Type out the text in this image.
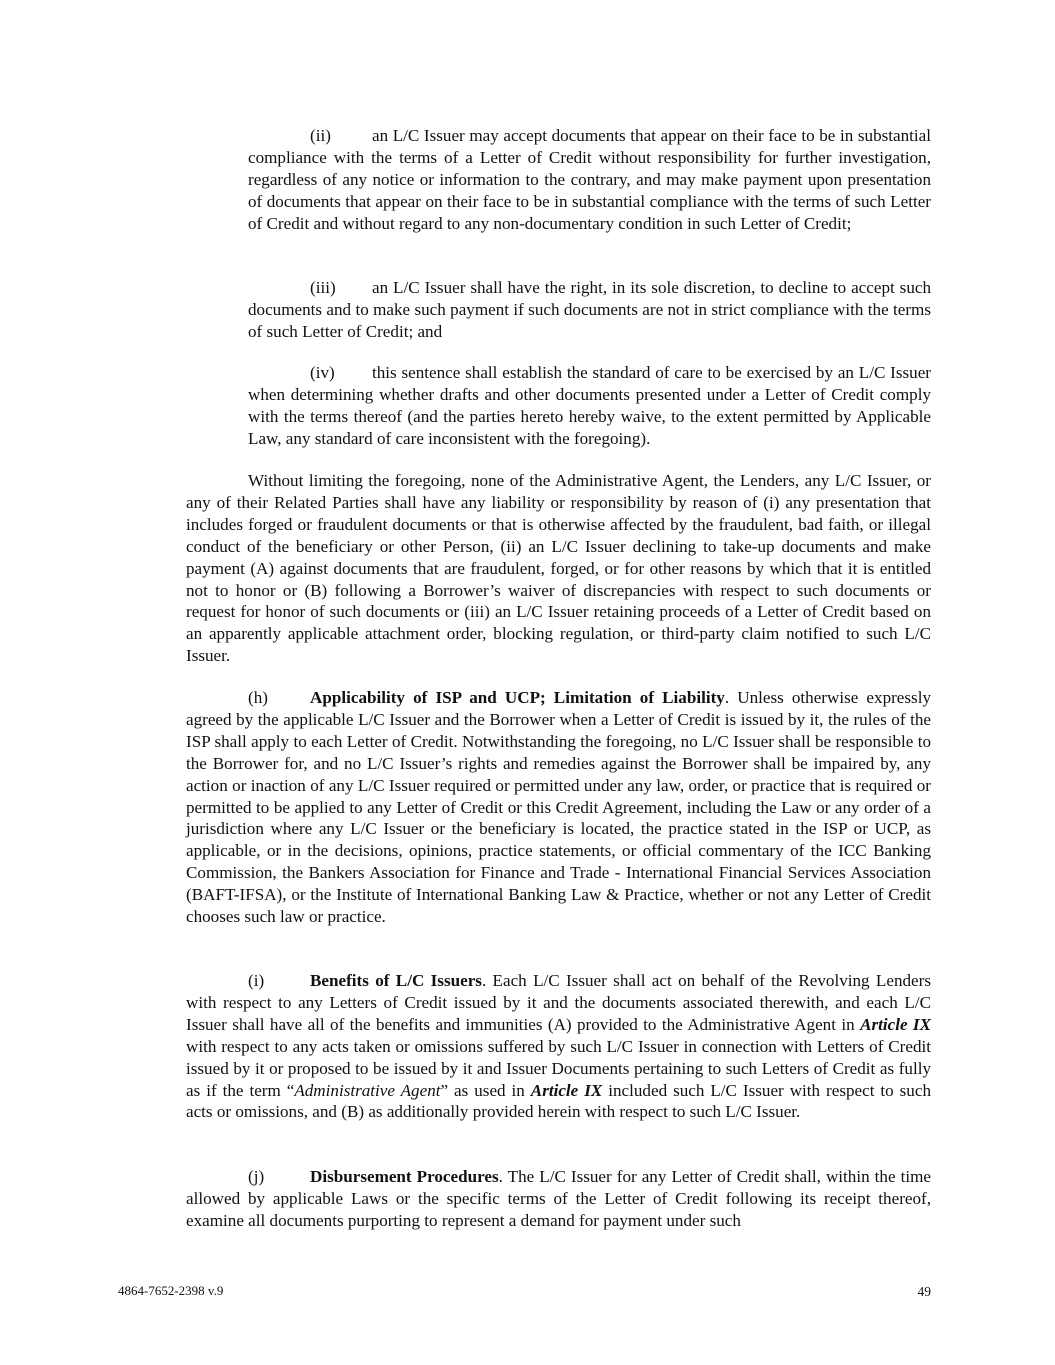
(ii) an L/C Issuer may accept documents that appear on their face to be in substantial compliance with the terms of a Letter of Credit without responsibility for further investigation, regardless of any notice or information to the contrary, and may make payment upon presentation of documents that appear on their face to be in substantial compliance with the terms of such Letter of Credit and without regard to any non-documentary condition in such Letter of Credit;

(iii) an L/C Issuer shall have the right, in its sole discretion, to decline to accept such documents and to make such payment if such documents are not in strict compliance with the terms of such Letter of Credit; and

(iv) this sentence shall establish the standard of care to be exercised by an L/C Issuer when determining whether drafts and other documents presented under a Letter of Credit comply with the terms thereof (and the parties hereto hereby waive, to the extent permitted by Applicable Law, any standard of care inconsistent with the foregoing).

Without limiting the foregoing, none of the Administrative Agent, the Lenders, any L/C Issuer, or any of their Related Parties shall have any liability or responsibility by reason of (i) any presentation that includes forged or fraudulent documents or that is otherwise affected by the fraudulent, bad faith, or illegal conduct of the beneficiary or other Person, (ii) an L/C Issuer declining to take-up documents and make payment (A) against documents that are fraudulent, forged, or for other reasons by which that it is entitled not to honor or (B) following a Borrower’s waiver of discrepancies with respect to such documents or request for honor of such documents or (iii) an L/C Issuer retaining proceeds of a Letter of Credit based on an apparently applicable attachment order, blocking regulation, or third-party claim notified to such L/C Issuer.

(h) Applicability of ISP and UCP; Limitation of Liability. Unless otherwise expressly agreed by the applicable L/C Issuer and the Borrower when a Letter of Credit is issued by it, the rules of the ISP shall apply to each Letter of Credit. Notwithstanding the foregoing, no L/C Issuer shall be responsible to the Borrower for, and no L/C Issuer’s rights and remedies against the Borrower shall be impaired by, any action or inaction of any L/C Issuer required or permitted under any law, order, or practice that is required or permitted to be applied to any Letter of Credit or this Credit Agreement, including the Law or any order of a jurisdiction where any L/C Issuer or the beneficiary is located, the practice stated in the ISP or UCP, as applicable, or in the decisions, opinions, practice statements, or official commentary of the ICC Banking Commission, the Bankers Association for Finance and Trade - International Financial Services Association (BAFT-IFSA), or the Institute of International Banking Law & Practice, whether or not any Letter of Credit chooses such law or practice.

(i)	Benefits of L/C Issuers. Each L/C Issuer shall act on behalf of the Revolving Lenders with respect to any Letters of Credit issued by it and the documents associated therewith, and each L/C Issuer shall have all of the benefits and immunities (A) provided to the Administrative Agent in Article IX with respect to any acts taken or omissions suffered by such L/C Issuer in connection with Letters of Credit issued by it or proposed to be issued by it and Issuer Documents pertaining to such Letters of Credit as fully as if the term “Administrative Agent” as used in Article IX included such L/C Issuer with respect to such acts or omissions, and (B) as additionally provided herein with respect to such L/C Issuer.

(j)	Disbursement Procedures. The L/C Issuer for any Letter of Credit shall, within the time allowed by applicable Laws or the specific terms of the Letter of Credit following its receipt thereof, examine all documents purporting to represent a demand for payment under such

4864-7652-2398 v.9	49
